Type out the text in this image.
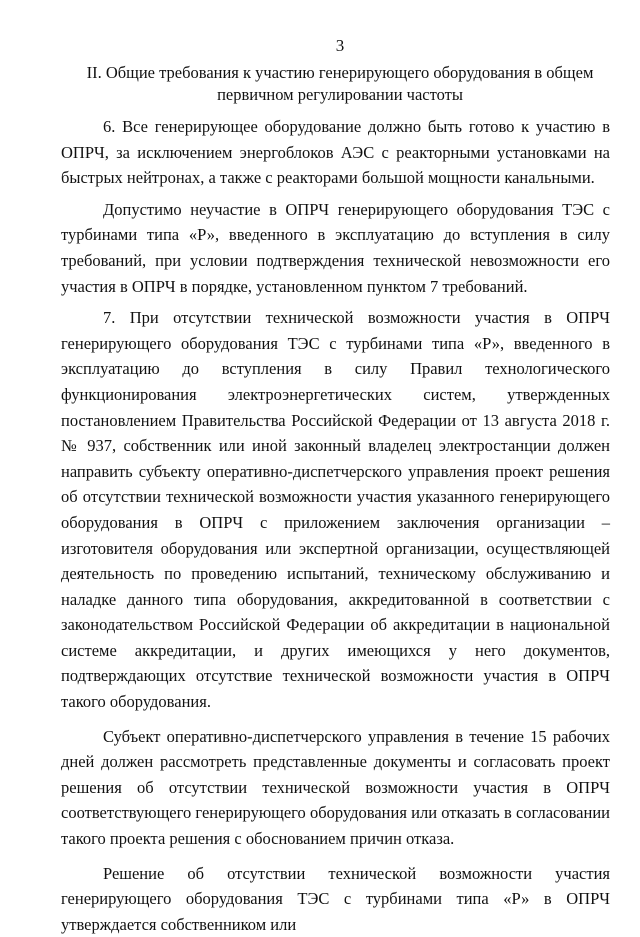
3
II. Общие требования к участию генерирующего оборудования в общем первичном регулировании частоты

6. Все генерирующее оборудование должно быть готово к участию в ОПРЧ, за исключением энергоблоков АЭС с реакторными установками на быстрых нейтронах, а также с реакторами большой мощности канальными.

Допустимо неучастие в ОПРЧ генерирующего оборудования ТЭС с турбинами типа «Р», введенного в эксплуатацию до вступления в силу требований, при условии подтверждения технической невозможности его участия в ОПРЧ в порядке, установленном пунктом 7 требований.

7. При отсутствии технической возможности участия в ОПРЧ генерирующего оборудования ТЭС с турбинами типа «Р», введенного в эксплуатацию до вступления в силу Правил технологического функционирования электроэнергетических систем, утвержденных постановлением Правительства Российской Федерации от 13 августа 2018 г. № 937, собственник или иной законный владелец электростанции должен направить субъекту оперативно-диспетчерского управления проект решения об отсутствии технической возможности участия указанного генерирующего оборудования в ОПРЧ с приложением заключения организации – изготовителя оборудования или экспертной организации, осуществляющей деятельность по проведению испытаний, техническому обслуживанию и наладке данного типа оборудования, аккредитованной в соответствии с законодательством Российской Федерации об аккредитации в национальной системе аккредитации, и других имеющихся у него документов, подтверждающих отсутствие технической возможности участия в ОПРЧ такого оборудования.

Субъект оперативно-диспетчерского управления в течение 15 рабочих дней должен рассмотреть представленные документы и согласовать проект решения об отсутствии технической возможности участия в ОПРЧ соответствующего генерирующего оборудования или отказать в согласовании такого проекта решения с обоснованием причин отказа.

Решение об отсутствии технической возможности участия генерирующего оборудования ТЭС с турбинами типа «Р» в ОПРЧ утверждается собственником или
